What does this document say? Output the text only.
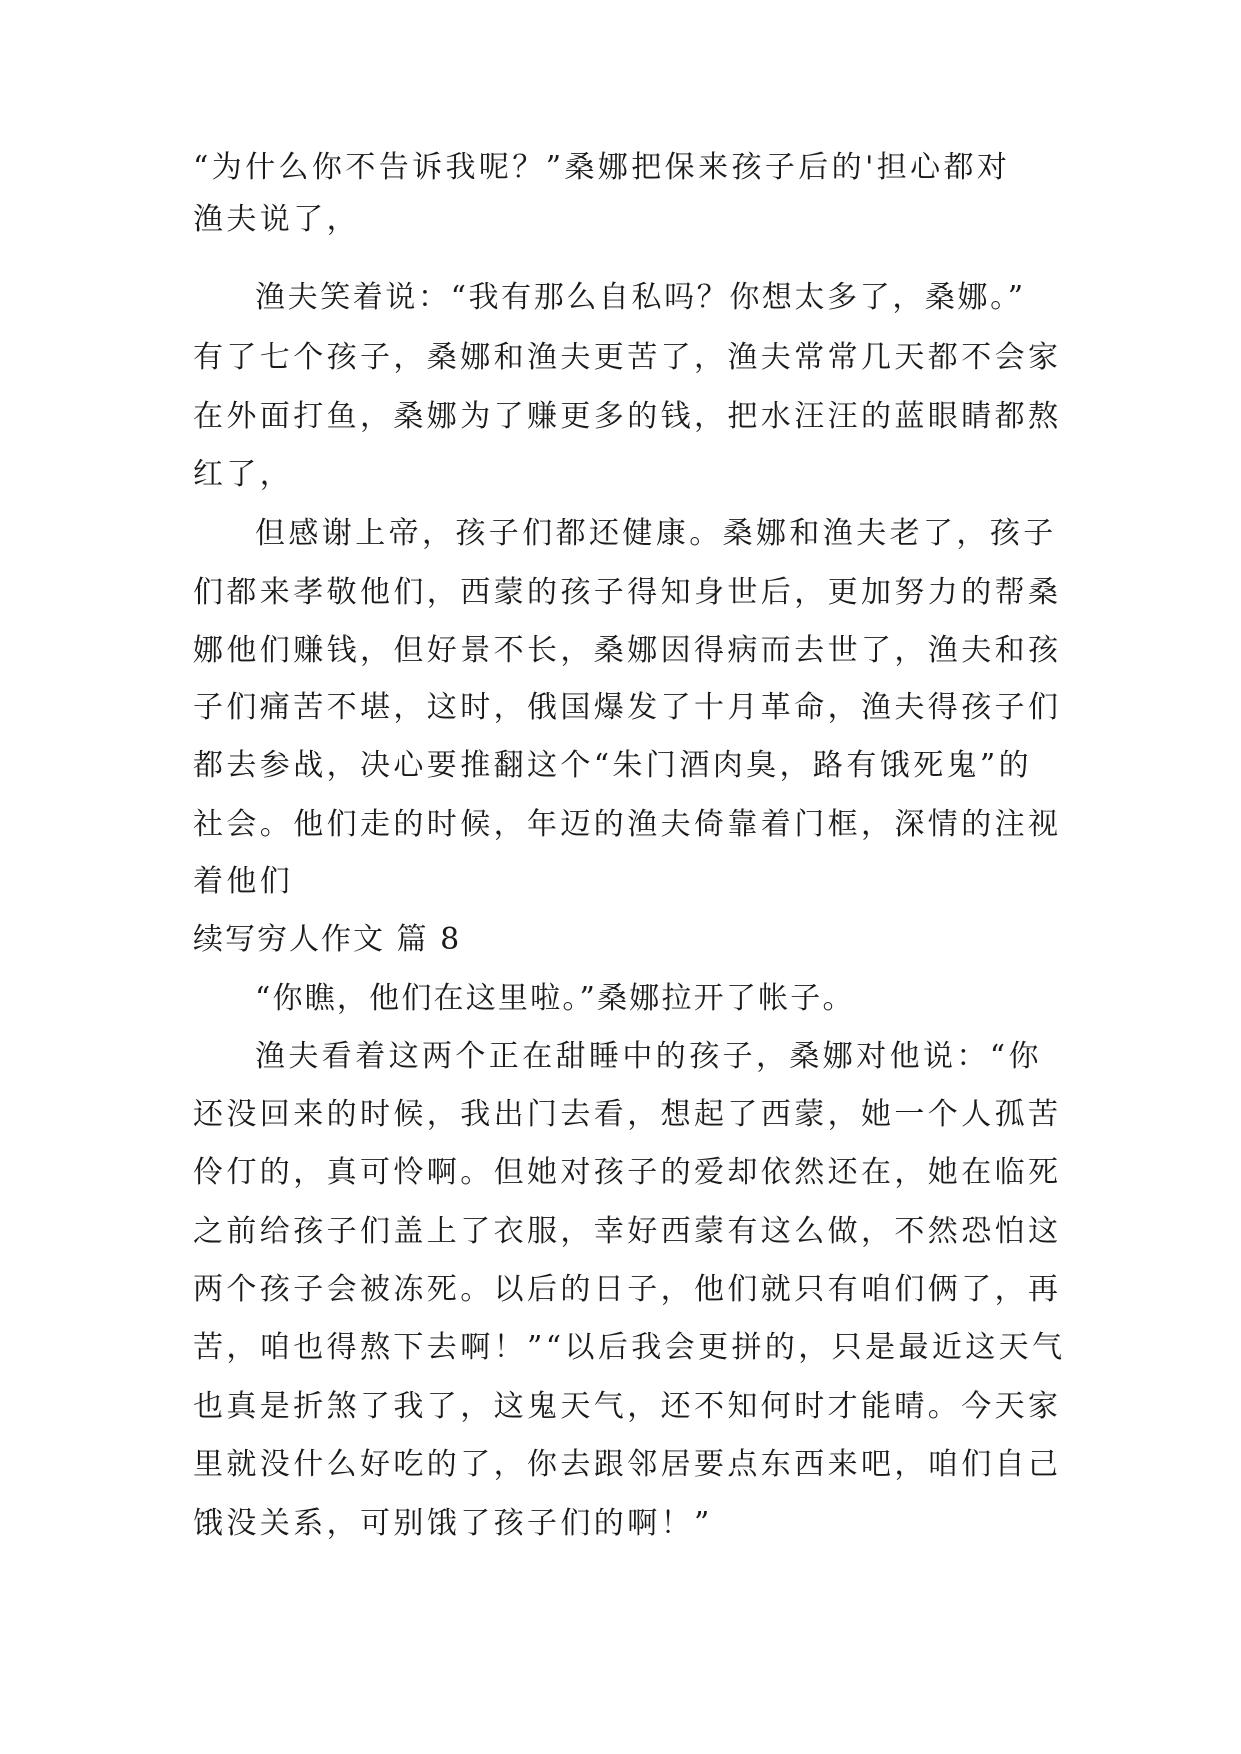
“为什么你不告诉我呢？”桑娜把保来孩子后的'担心都对
渔夫说了，
渔夫笑着说：“我有那么自私吗？你想太多了，桑娜。”
有了七个孩子，桑娜和渔夫更苦了，渔夫常常几天都不会家
在外面打鱼，桑娜为了赚更多的钱，把水汪汪的蓝眼睛都熬
红了，
但感谢上帝，孩子们都还健康。桑娜和渔夫老了，孩子
们都来孝敬他们，西蒙的孩子得知身世后，更加努力的帮桑
娜他们赚钱，但好景不长，桑娜因得病而去世了，渔夫和孩
子们痛苦不堪，这时，俄国爆发了十月革命，渔夫得孩子们
都去参战，决心要推翻这个“朱门酒肉臭，路有饿死鬼”的
社会。他们走的时候，年迈的渔夫倚靠着门框，深情的注视
着他们
续写穷人作文 篇 8
“你瞧，他们在这里啦。”桑娜拉开了帐子。
渔夫看着这两个正在甜睡中的孩子，桑娜对他说：“你
还没回来的时候，我出门去看，想起了西蒙，她一个人孤苦
伶仃的，真可怜啊。但她对孩子的爱却依然还在，她在临死
之前给孩子们盖上了衣服，幸好西蒙有这么做，不然恐怕这
两个孩子会被冻死。以后的日子，他们就只有咱们俩了，再
苦，咱也得熬下去啊！”“以后我会更拼的，只是最近这天气
也真是折煞了我了，这鬼天气，还不知何时才能晴。今天家
里就没什么好吃的了，你去跟邻居要点东西来吧，咱们自己
饿没关系，可别饿了孩子们的啊！”
